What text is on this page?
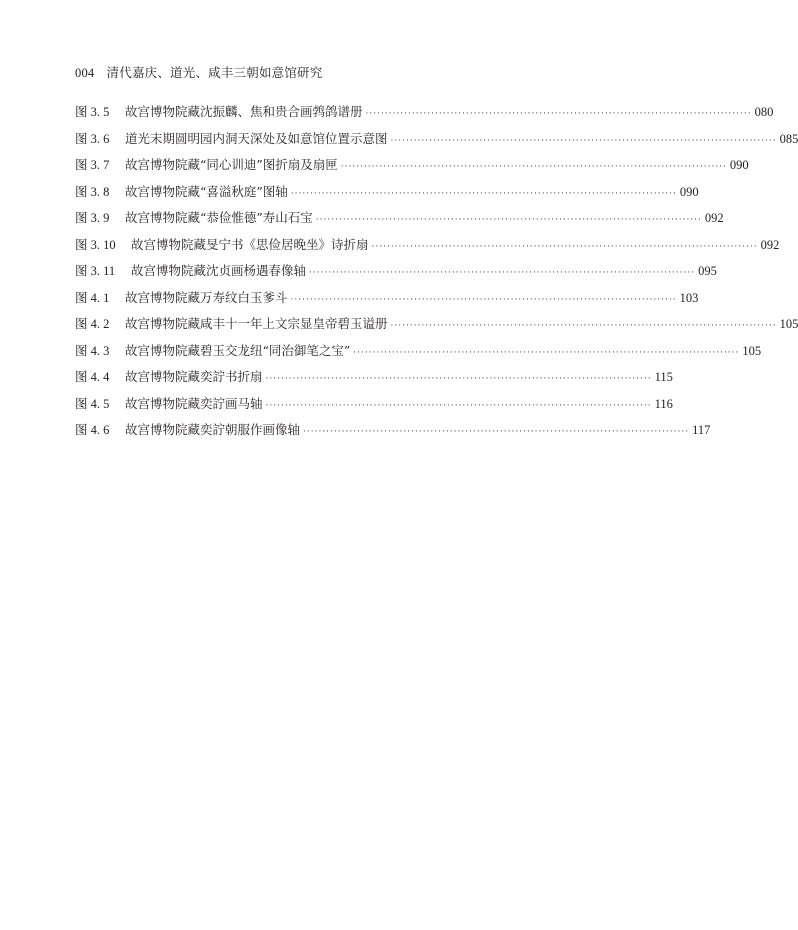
004 清代嘉庆、道光、咸丰三朝如意馆研究
图 3. 5	故宫博物院藏沈振麟、焦和贵合画鹁鸽谱册 ···································································································· 080
图 3. 6	道光末期圆明园内洞天深处及如意馆位置示意图 ···································································································· 085
图 3. 7	故宫博物院藏“同心训迪”图折扇及扇匣 ···································································································· 090
图 3. 8	故宫博物院藏“喜溢秋庭”图轴 ···································································································· 090
图 3. 9	故宫博物院藏“恭俭惟德”寿山石宝 ···································································································· 092
图 3. 10	故宫博物院藏旻宁书《思俭居晚坐》诗折扇 ···································································································· 092
图 3. 11	故宫博物院藏沈贞画杨遇春像轴 ···································································································· 095
图 4. 1	故宫博物院藏万寿纹白玉爹斗 ···································································································· 103
图 4. 2	故宫博物院藏咸丰十一年上文宗显皇帝碧玉谥册 ···································································································· 105
图 4. 3	故宫博物院藏碧玉交龙纽“同治御笔之宝” ···································································································· 105
图 4. 4	故宫博物院藏奕詝书折扇 ···································································································· 115
图 4. 5	故宫博物院藏奕詝画马轴 ···································································································· 116
图 4. 6	故宫博物院藏奕詝朝服作画像轴 ···································································································· 117
